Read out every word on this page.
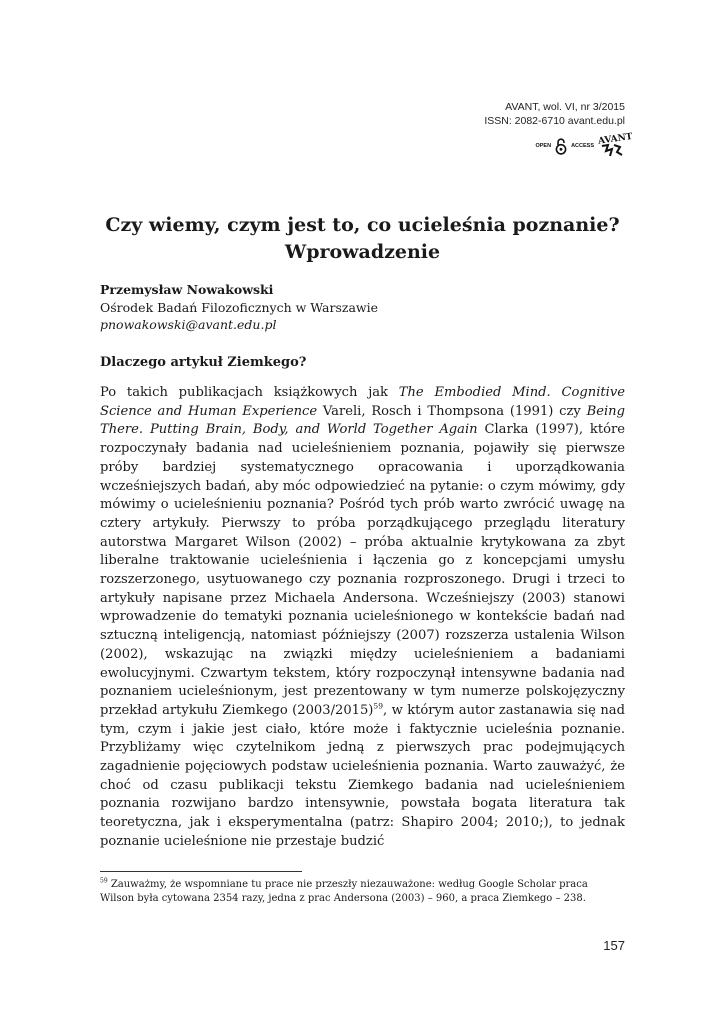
AVANT, wol. VI, nr 3/2015
ISSN: 2082-6710 avant.edu.pl
OPEN	ACCESS AVANT
Czy wiemy, czym jest to, co ucieleśnia poznanie?
Wprowadzenie
Przemysław Nowakowski
Ośrodek Badań Filozoficznych w Warszawie
pnowakowski@avant.edu.pl
Dlaczego artykuł Ziemkego?

Po takich publikacjach książkowych jak The Embodied Mind. Cognitive Science and Human Experience Vareli, Rosch i Thompsona (1991) czy Being There. Putting Brain, Body, and World Together Again Clarka (1997), które rozpoczynały badania nad ucieleśnieniem poznania, pojawiły się pierwsze próby bardziej systematycznego opracowania i uporządkowania wcześniejszych badań, aby móc odpowiedzieć na pytanie: o czym mówimy, gdy mówimy o ucieleśnieniu poznania? Pośród tych prób warto zwrócić uwagę na cztery artykuły. Pierwszy to próba porządkującego przeglądu literatury autorstwa Margaret Wilson (2002) – próba aktualnie krytykowana za zbyt liberalne traktowanie ucieleśnienia i łączenia go z koncepcjami umysłu rozszerzonego, usytuowanego czy poznania rozproszonego. Drugi i trzeci to artykuły napisane przez Michaela Andersona. Wcześniejszy (2003) stanowi wprowadzenie do tematyki poznania ucieleśnionego w kontekście badań nad sztuczną inteligencją, natomiast późniejszy (2007) rozszerza ustalenia Wilson (2002), wskazując na związki między ucieleśnieniem a badaniami ewolucyjnymi. Czwartym tekstem, który rozpoczynął intensywne badania nad poznaniem ucieleśnionym, jest prezentowany w tym numerze polskojęzyczny przekład artykułu Ziemkego $(2003/2015)^{59}$, w którym autor zastanawia się nad tym, czym i jakie jest ciało, które może i faktycznie ucieleśnia poznanie. Przybliżamy więc czytelnikom jedną z pierwszych prac podejmujących zagadnienie pojęciowych podstaw ucieleśnienia poznania. Warto zauważyć, że choć od czasu publikacji tekstu Ziemkego badania nad ucieleśnieniem poznania rozwijano bardzo intensywnie, powstała bogata literatura tak teoretyczna, jak i eksperymentalna (patrz: Shapiro 2004; 2010;), to jednak poznanie ucieleśnione nie przestaje budzić

$^{59}$ Zauważmy, że wspomniane tu prace nie przeszły niezauważone: według Google Scholar praca Wilson była cytowana 2354 razy, jedna z prac Andersona (2003) – 960, a praca Ziemkego – 238.

157
